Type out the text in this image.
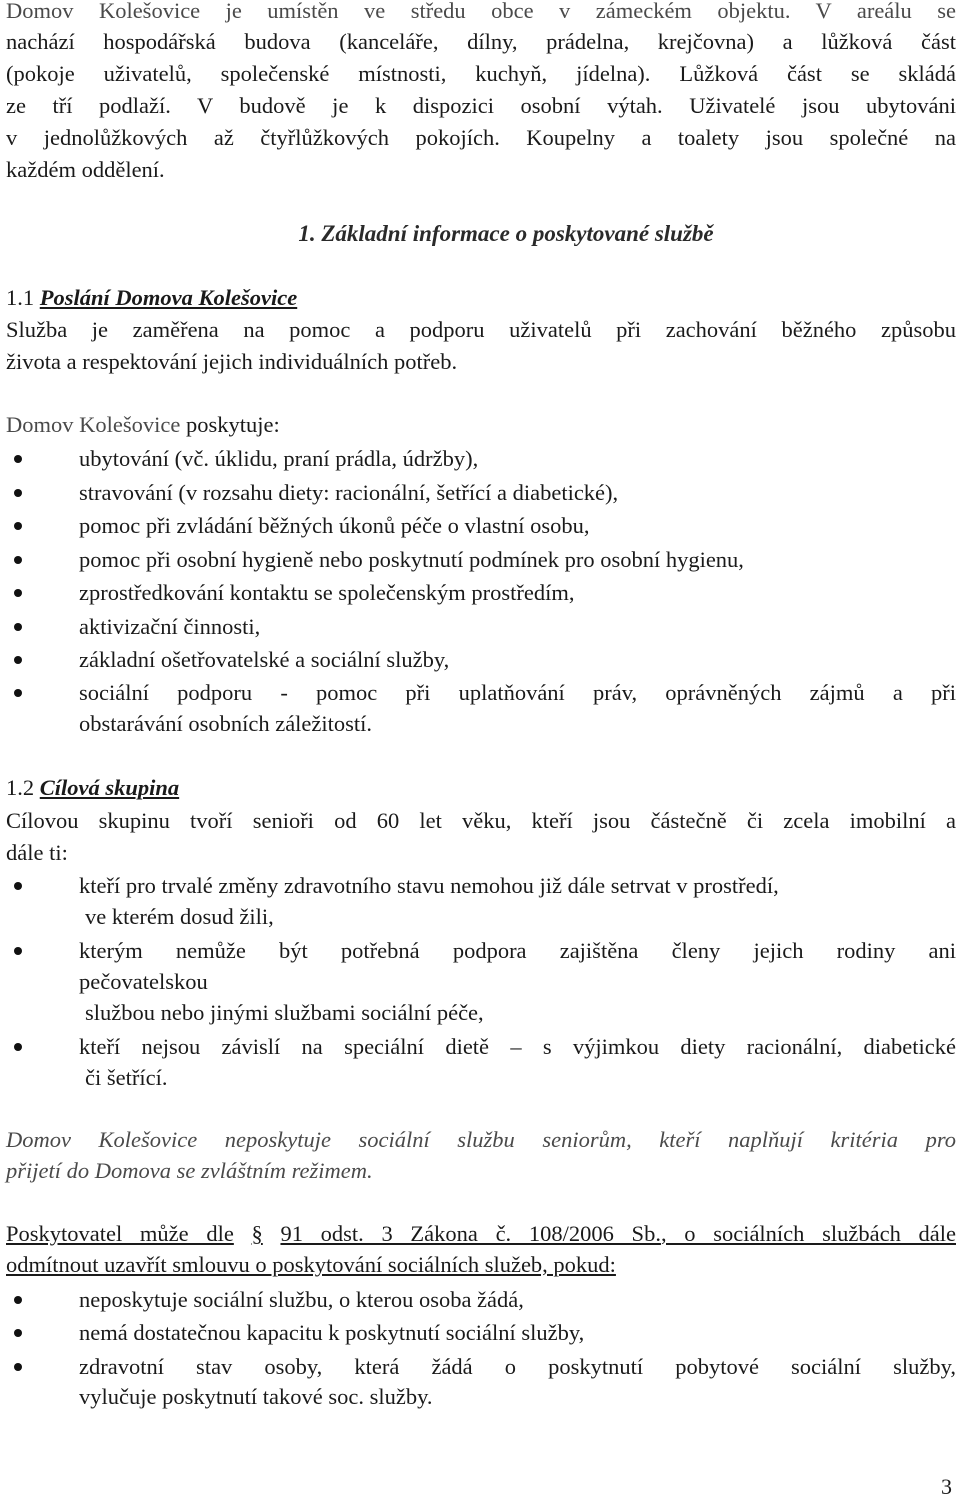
Domov Kolešovice je umístěn ve středu obce v zámeckém objektu. V areálu se
nachází hospodářská budova (kanceláře, dílny, prádelna, krejčovna) a lůžková část
(pokoje uživatelů, společenské místnosti, kuchyň, jídelna). Lůžková část se skládá
ze tří podlaží. V budově je k dispozici osobní výtah. Uživatelé jsou ubytováni
v jednolůžkových až čtyřlůžkových pokojích. Koupelny a toalety jsou společné na
každém oddělení.
1. Základní informace o poskytované službě
1.1 Poslání Domova Kolešovice
Služba je zaměřena na pomoc a podporu uživatelů při zachování běžného způsobu
života a respektování jejich individuálních potřeb.
Domov Kolešovice poskytuje:
ubytování (vč. úklidu, praní prádla, údržby),
stravování (v rozsahu diety: racionální, šetřící a diabetické),
pomoc při zvládání běžných úkonů péče o vlastní osobu,
pomoc při osobní hygieně nebo poskytnutí podmínek pro osobní hygienu,
zprostředkování kontaktu se společenským prostředím,
aktivizační činnosti,
základní ošetřovatelské a sociální služby,
sociální podporu - pomoc při uplatňování práv, oprávněných zájmů a při
obstarávání osobních záležitostí.
1.2 Cílová skupina
Cílovou skupinu tvoří senioři od 60 let věku, kteří jsou částečně či zcela imobilní a
dále ti:
kteří pro trvalé změny zdravotního stavu nemohou již dále setrvat v prostředí,
ve kterém dosud žili,
kterým nemůže být potřebná podpora zajištěna členy jejich rodiny ani
pečovatelskou
službou nebo jinými službami sociální péče,
kteří nejsou závislí na speciální dietě – s výjimkou diety racionální, diabetické
či šetřící.
Domov Kolešovice neposkytuje sociální službu seniorům, kteří naplňují kritéria pro
přijetí do Domova se zvláštním režimem.
Poskytovatel může dle § 91 odst. 3 Zákona č. 108/2006 Sb., o sociálních službách dále
odmítnout uzavřít smlouvu o poskytování sociálních služeb, pokud:
neposkytuje sociální službu, o kterou osoba žádá,
nemá dostatečnou kapacitu k poskytnutí sociální služby,
zdravotní stav osoby, která žádá o poskytnutí pobytové sociální služby,
vylučuje poskytnutí takové soc. služby.
3
